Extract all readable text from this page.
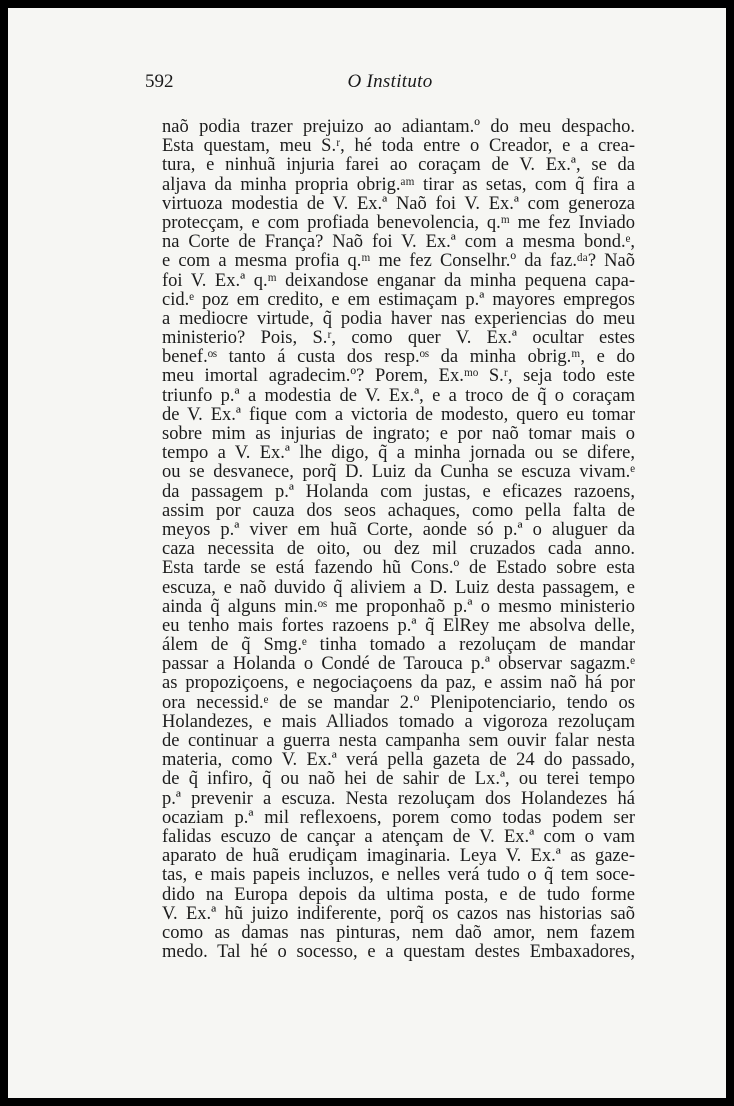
592	O Instituto
naõ podia trazer prejuizo ao adiantam.º do meu despacho.
Esta questam, meu S.ʳ, hé toda entre o Creador, e a crea-
tura, e ninhuã injuria farei ao coraçam de V. Ex.ª, se da
aljava da minha propria obrig.ᵃᵐ tirar as setas, com q̃ fira a
virtuoza modestia de V. Ex.ª Naõ foi V. Ex.ª com generoza
protecçam, e com profiada benevolencia, q.ᵐ me fez Inviado
na Corte de França? Naõ foi V. Ex.ª com a mesma bond.ᵉ,
e com a mesma profia q.ᵐ me fez Conselhr.º da faz.ᵈᵃ? Naõ
foi V. Ex.ª q.ᵐ deixandose enganar da minha pequena capa-
cid.ᵉ poz em credito, e em estimaçam p.ª mayores empregos
a mediocre virtude, q̃ podia haver nas experiencias do meu
ministerio? Pois, S.ʳ, como quer V. Ex.ª ocultar estes
benef.ᵒˢ tanto á custa dos resp.ᵒˢ da minha obrig.ᵐ, e do
meu imortal agradecim.º? Porem, Ex.ᵐᵒ S.ʳ, seja todo este
triunfo p.ª a modestia de V. Ex.ª, e a troco de q̃ o coraçam
de V. Ex.ª fique com a victoria de modesto, quero eu tomar
sobre mim as injurias de ingrato; e por naõ tomar mais o
tempo a V. Ex.ª lhe digo, q̃ a minha jornada ou se difere,
ou se desvanece, porq̃ D. Luiz da Cunha se escuza vivam.ᵉ
da passagem p.ª Holanda com justas, e eficazes razoens,
assim por cauza dos seos achaques, como pella falta de
meyos p.ª viver em huã Corte, aonde só p.ª o aluguer da
caza necessita de oito, ou dez mil cruzados cada anno.
Esta tarde se está fazendo hũ Cons.º de Estado sobre esta
escuza, e naõ duvido q̃ aliviem a D. Luiz desta passagem, e
ainda q̃ alguns min.ᵒˢ me proponhaõ p.ª o mesmo ministerio
eu tenho mais fortes razoens p.ª q̃ ElRey me absolva delle,
álem de q̃ Smg.ᵉ tinha tomado a rezoluçam de mandar
passar a Holanda o Condé de Tarouca p.ª observar sagazm.ᵉ
as propoziçoens, e negociaçoens da paz, e assim naõ há por
ora necessid.ᵉ de se mandar 2.º Plenipotenciario, tendo os
Holandezes, e mais Alliados tomado a vigoroza rezoluçam
de continuar a guerra nesta campanha sem ouvir falar nesta
materia, como V. Ex.ª verá pella gazeta de 24 do passado,
de q̃ infiro, q̃ ou naõ hei de sahir de Lx.ª, ou terei tempo
p.ª prevenir a escuza. Nesta rezoluçam dos Holandezes há
ocaziam p.ª mil reflexoens, porem como todas podem ser
falidas escuzo de cançar a atençam de V. Ex.ª com o vam
aparato de huã erudiçam imaginaria. Leya V. Ex.ª as gaze-
tas, e mais papeis incluzos, e nelles verá tudo o q̃ tem soce-
dido na Europa depois da ultima posta, e de tudo forme
V. Ex.ª hũ juizo indiferente, porq̃ os cazos nas historias saõ
como as damas nas pinturas, nem daõ amor, nem fazem
medo. Tal hé o socesso, e a questam destes Embaxadores,
